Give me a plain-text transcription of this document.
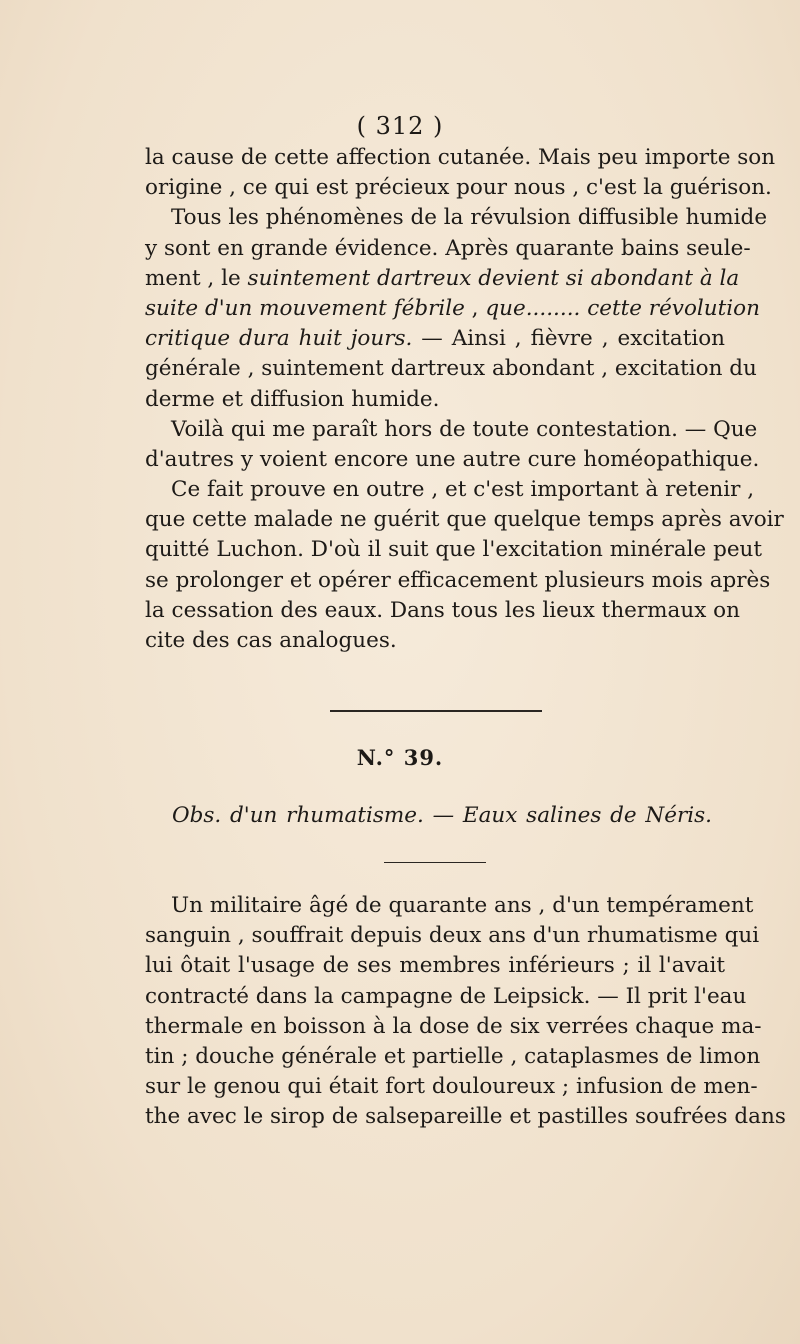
( 312 )
la cause de cette affection cutanée. Mais peu importe son
origine , ce qui est précieux pour nous , c'est la guérison.
Tous les phénomènes de la révulsion diffusible humide
y sont en grande évidence. Après quarante bains seule-
ment , le suintement dartreux devient si abondant à la
suite d'un mouvement fébrile , que........ cette révolution
critique dura huit jours. — Ainsi , fièvre , excitation
générale , suintement dartreux abondant , excitation du
derme et diffusion humide.
Voilà qui me paraît hors de toute contestation. — Que
d'autres y voient encore une autre cure homéopathique.
Ce fait prouve en outre , et c'est important à retenir ,
que cette malade ne guérit que quelque temps après avoir
quitté Luchon. D'où il suit que l'excitation minérale peut
se prolonger et opérer efficacement plusieurs mois après
la cessation des eaux. Dans tous les lieux thermaux on
cite des cas analogues.
N.° 39.
Obs. d'un rhumatisme. — Eaux salines de Néris.
Un militaire âgé de quarante ans , d'un tempérament
sanguin , souffrait depuis deux ans d'un rhumatisme qui
lui ôtait l'usage de ses membres inférieurs ; il l'avait
contracté dans la campagne de Leipsick. — Il prit l'eau
thermale en boisson à la dose de six verrées chaque ma-
tin ; douche générale et partielle , cataplasmes de limon
sur le genou qui était fort douloureux ; infusion de men-
the avec le sirop de salsepareille et pastilles soufrées dans
